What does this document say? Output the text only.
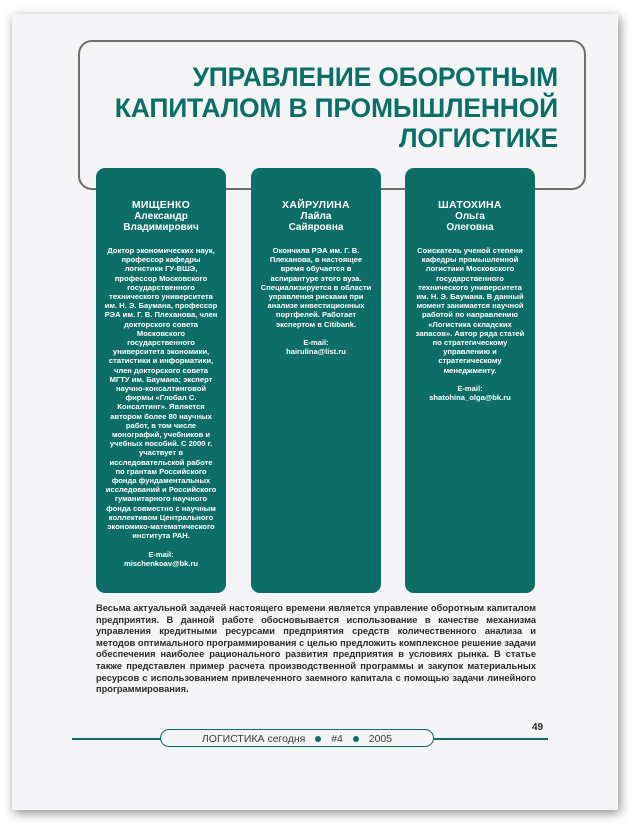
УПРАВЛЕНИЕ ОБОРОТНЫМ
КАПИТАЛОМ В ПРОМЫШЛЕННОЙ
ЛОГИСТИКЕ
МИЩЕНКО
Александр
Владимирович
Доктор экономических наук, профессор кафедры логистики ГУ-ВШЭ, профессор Московского государственного технического университета им. Н. Э. Баумана, профессор РЭА им. Г. В. Плеханова, член докторского совета Московского государственного университета экономики, статистики и информатики, член докторского совета МГТУ им. Баумана; эксперт научно-консалтинговой фирмы «Глобал С. Консалтинг». Является автором более 80 научных работ, в том числе монографий, учебников и учебных пособий. С 2000 г. участвует в исследовательской работе по грантам Российского фонда фундаментальных исследований и Российского гуманитарного научного фонда совместно с научным коллективом Центрального экономико-математического института РАН.
E-mail:
mischenkoav@bk.ru
ХАЙРУЛИНА
Лайла
Сайяровна
Окончила РЭА им. Г. В. Плеханова, в настоящее время обучается в аспирантуре этого вуза. Специализируется в области управления рисками при анализе инвестиционных портфелей. Работает экспертом в Citibank.
E-mail:
hairulina@list.ru
ШАТОХИНА
Ольга
Олеговна
Соискатель ученой степени кафедры промышленной логистики Московского государственного технического университета им. Н. Э. Баумана. В данный момент занимается научной работой по направлению «Логистика складских запасов». Автор ряда статей по стратегическому управлению и стратегическому менеджменту.
E-mail:
shatohina_olga@bk.ru

Весьма актуальной задачей настоящего времени является управление оборотным капиталом предприятия. В данной работе обосновывается использование в качестве механизма управления кредитными ресурсами предприятия средств количественного анализа и методов оптимального программирования с целью предложить комплексное решение задачи обеспечения наиболее рационального развития предприятия в условиях рынка. В статье также представлен пример расчета производственной программы и закупок материальных ресурсов с использованием привлеченного заемного капитала с помощью задачи линейного программирования.

ЛОГИСТИКА сегодня #4 2005
49
